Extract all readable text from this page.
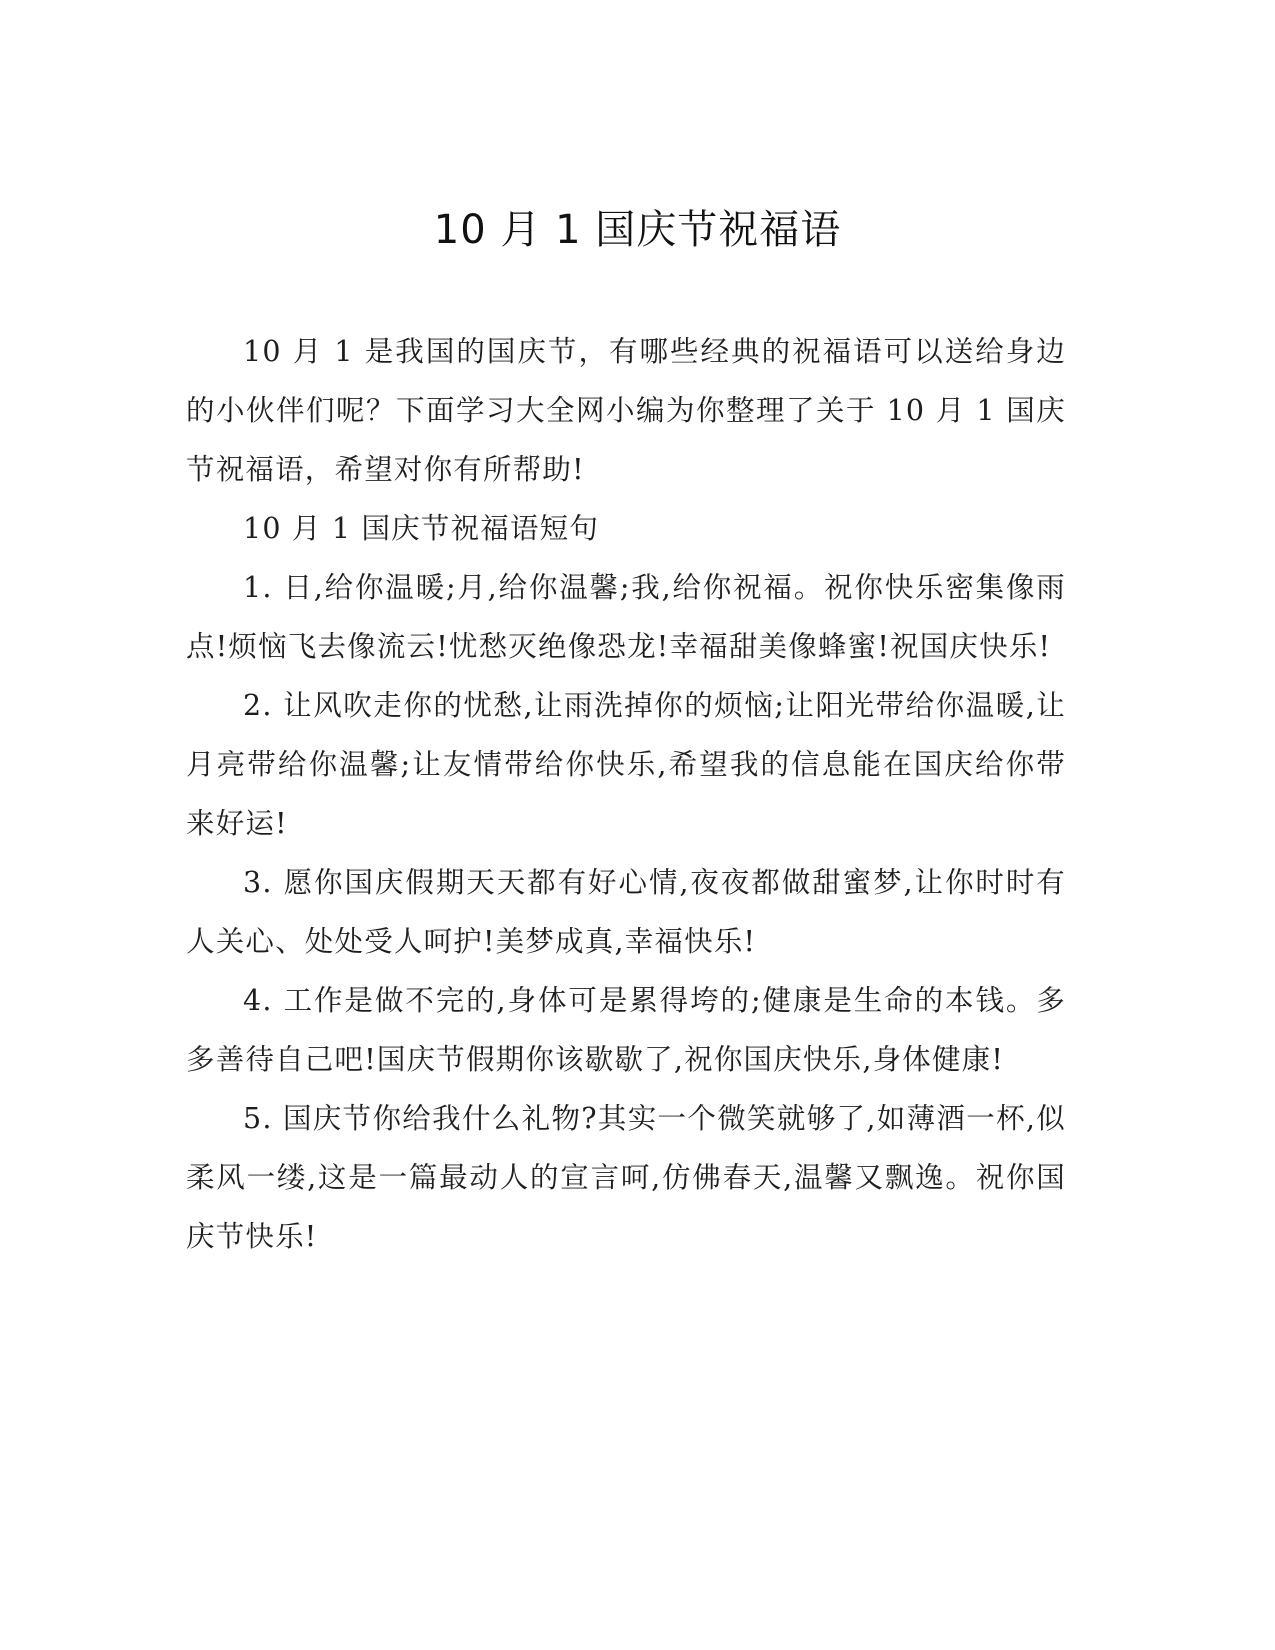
10 月 1 国庆节祝福语

10 月 1 是我国的国庆节，有哪些经典的祝福语可以送给身边的小伙伴们呢？下面学习大全网小编为你整理了关于 10 月 1 国庆节祝福语，希望对你有所帮助!

10 月 1 国庆节祝福语短句

1. 日,给你温暖;月,给你温馨;我,给你祝福。祝你快乐密集像雨点!烦恼飞去像流云!忧愁灭绝像恐龙!幸福甜美像蜂蜜!祝国庆快乐!

2. 让风吹走你的忧愁,让雨洗掉你的烦恼;让阳光带给你温暖,让月亮带给你温馨;让友情带给你快乐,希望我的信息能在国庆给你带来好运!

3. 愿你国庆假期天天都有好心情,夜夜都做甜蜜梦,让你时时有人关心、处处受人呵护!美梦成真,幸福快乐!

4. 工作是做不完的,身体可是累得垮的;健康是生命的本钱。多多善待自己吧!国庆节假期你该歇歇了,祝你国庆快乐,身体健康!

5. 国庆节你给我什么礼物?其实一个微笑就够了,如薄酒一杯,似柔风一缕,这是一篇最动人的宣言呵,仿佛春天,温馨又飘逸。祝你国庆节快乐!
